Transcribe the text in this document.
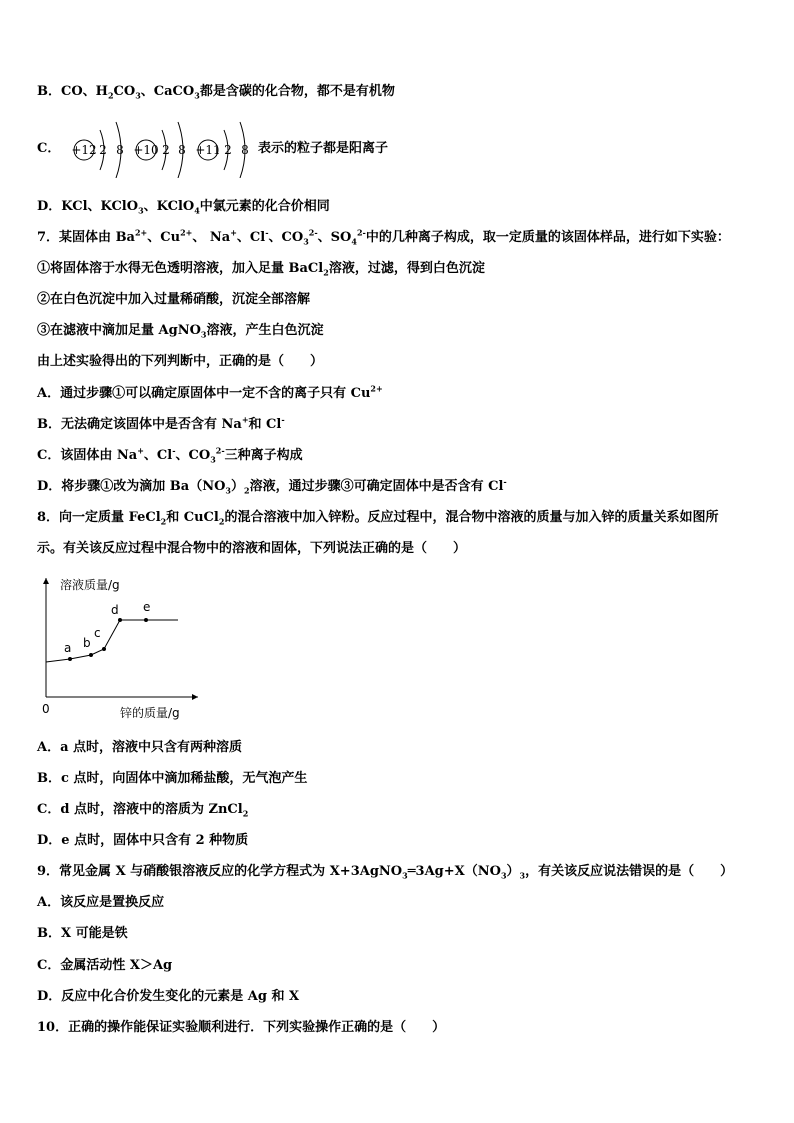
B．CO、$H_2CO_3$、CaCO$_3$都是含碳的化合物，都不是有机物
C． +12 2 8 +10 2 8 +11 2 8 表示的粒子都是阳离子
D．KCl、KClO$_3$、KClO$_4$中氯元素的化合价相同
7．某固体由 $Ba^{2+}$、$Cu^{2+}$、 Na+、Cl-、$CO_3^{2-}$、$SO_4^{2-}$中的几种离子构成，取一定质量的该固体样品，进行如下实验：
①将固体溶于水得无色透明溶液，加入足量 BaCl$_2$溶液，过滤，得到白色沉淀
②在白色沉淀中加入过量稀硝酸，沉淀全部溶解
③在滤液中滴加足量 AgNO$_3$溶液，产生白色沉淀
由上述实验得出的下列判断中，正确的是（　　）
A．通过步骤①可以确定原固体中一定不含的离子只有 $Cu^{2+}$
B．无法确定该固体中是否含有 Na+和 Cl-
C．该固体由 Na+、Cl-、$CO_3^{2-}$三种离子构成
D．将步骤①改为滴加 $Ba(NO_3)_2$溶液，通过步骤③可确定固体中是否含有 Cl-
8．向一定质量 FeCl$_2$和 CuCl$_2$的混合溶液中加入锌粉。反应过程中，混合物中溶液的质量与加入锌的质量关系如图所
示。有关该反应过程中混合物中的溶液和固体，下列说法正确的是（　　）
溶液质量/g
锌的质量/g
0
a b
c
d e
A．a 点时，溶液中只含有两种溶质
B．c 点时，向固体中滴加稀盐酸，无气泡产生
C．d 点时，溶液中的溶质为 ZnCl$_2$
D．e 点时，固体中只含有 2 种物质
9．常见金属 X 与硝酸银溶液反应的化学方程式为 $X+3AgNO_3═3Ag+X(NO_3)_3$，有关该反应说法错误的是（　　）
A．该反应是置换反应
B．X 可能是铁
C．金属活动性 X＞Ag
D．反应中化合价发生变化的元素是 Ag 和 X
10．正确的操作能保证实验顺利进行．下列实验操作正确的是（　　）
